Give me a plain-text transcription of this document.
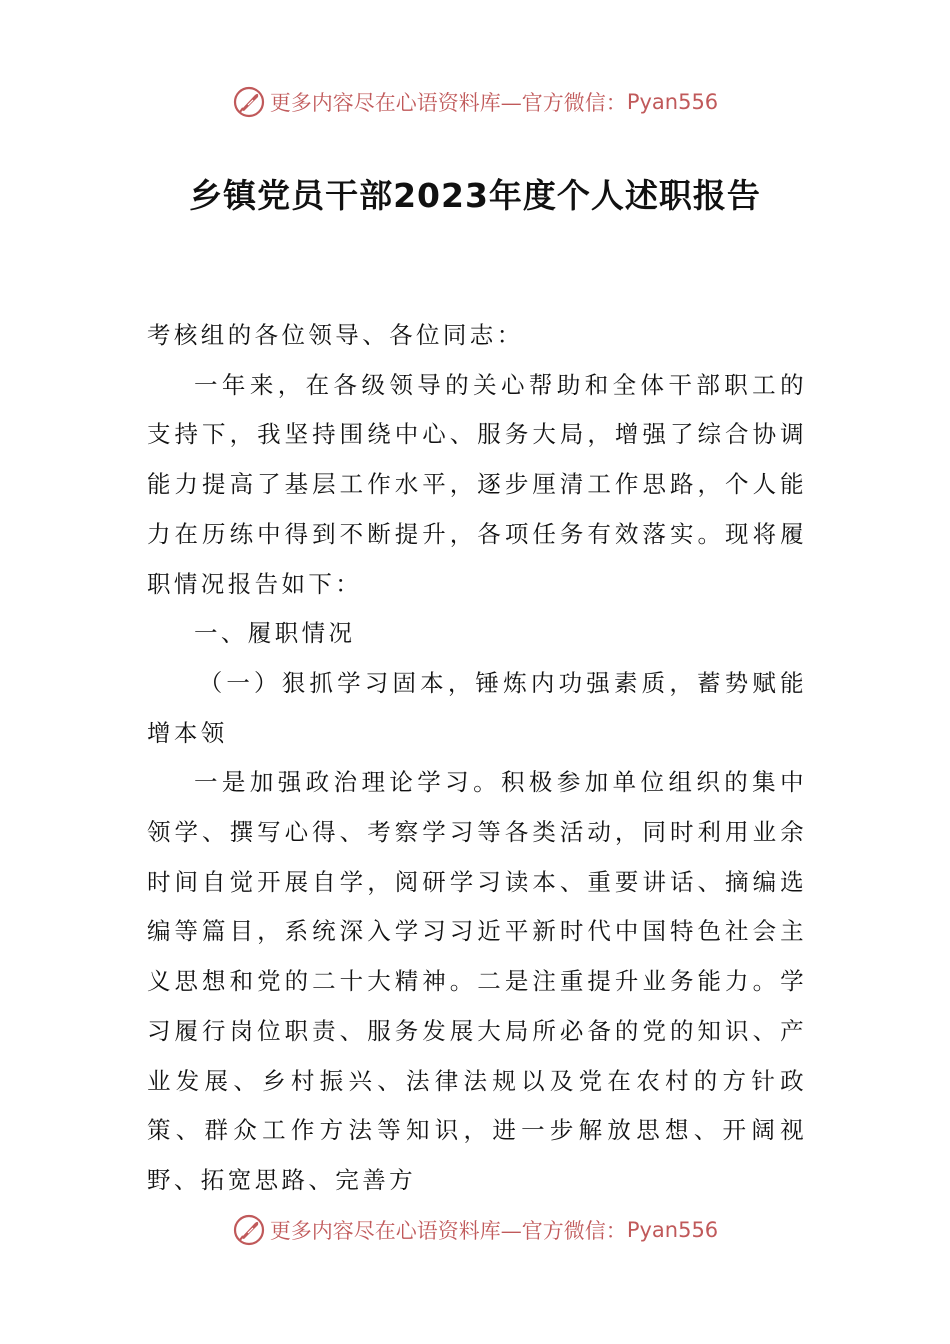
更多内容尽在心语资料库—官方微信： Pyan556
乡镇党员干部2023年度个人述职报告

考核组的各位领导、各位同志：

一年来，在各级领导的关心帮助和全体干部职工的支持下，我坚持围绕中心、服务大局，增强了综合协调能力提高了基层工作水平，逐步厘清工作思路，个人能力在历练中得到不断提升，各项任务有效落实。现将履职情况报告如下：

一、履职情况

（一）狠抓学习固本，锤炼内功强素质，蓄势赋能增本领

一是加强政治理论学习。积极参加单位组织的集中领学、撰写心得、考察学习等各类活动，同时利用业余时间自觉开展自学，阅研学习读本、重要讲话、摘编选编等篇目，系统深入学习习近平新时代中国特色社会主义思想和党的二十大精神。二是注重提升业务能力。学习履行岗位职责、服务发展大局所必备的党的知识、产业发展、乡村振兴、法律法规以及党在农村的方针政策、群众工作方法等知识，进一步解放思想、开阔视野、拓宽思路、完善方

更多内容尽在心语资料库—官方微信： Pyan556
